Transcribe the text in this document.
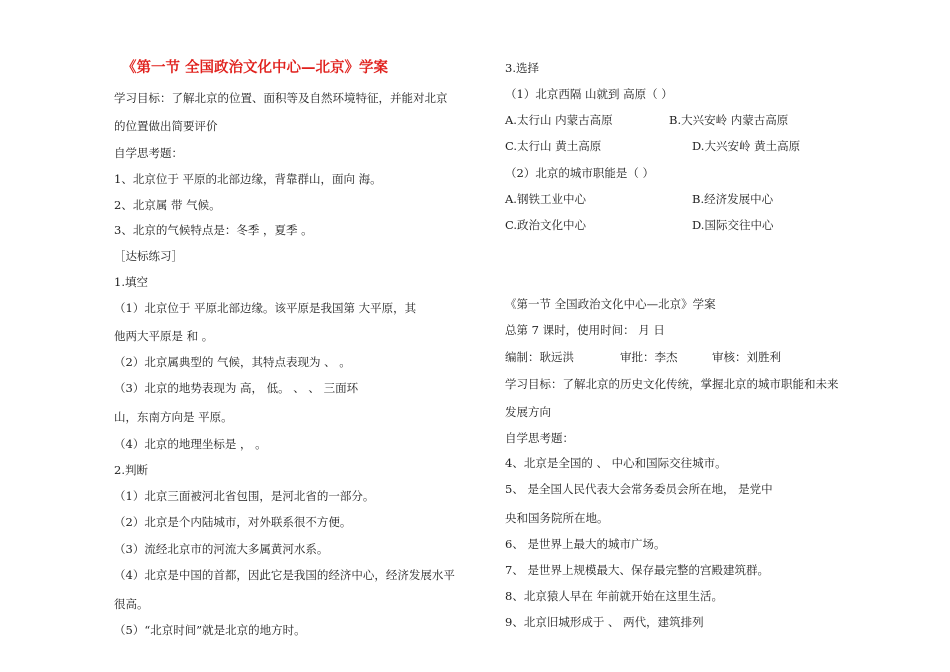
《第一节 全国政治文化中心—北京》学案
学习目标：了解北京的位置、面积等及自然环境特征，并能对北京
的位置做出简要评价
自学思考题：
1、北京位于 平原的北部边缘，背靠群山，面向 海。
2、北京属 带 气候。
3、北京的气候特点是：冬季 ，夏季 。
［达标练习］
1.填空
（1）北京位于 平原北部边缘。该平原是我国第 大平原，其
他两大平原是 和 。
（2）北京属典型的 气候，其特点表现为 、 。
（3）北京的地势表现为 高， 低。 、 、 三面环
山，东南方向是 平原。
（4）北京的地理坐标是 ， 。
2.判断
（1）北京三面被河北省包围，是河北省的一部分。
（2）北京是个内陆城市，对外联系很不方便。
（3）流经北京市的河流大多属黄河水系。
（4）北京是中国的首都，因此它是我国的经济中心，经济发展水平
很高。
（5）“北京时间”就是北京的地方时。
3.选择
（1）北京西隔 山就到 高原（ ）
A.太行山 内蒙古高原	B.大兴安岭 内蒙古高原
C.太行山 黄土高原	D.大兴安岭 黄土高原
（2）北京的城市职能是（ ）
A.钢铁工业中心	B.经济发展中心
C.政治文化中心	D.国际交往中心
《第一节 全国政治文化中心—北京》学案
总第 7 课时，使用时间： 月 日
编制：耿远洪	审批：李杰	审核：刘胜利
学习目标：了解北京的历史文化传统，掌握北京的城市职能和未来
发展方向
自学思考题：
4、北京是全国的 、 中心和国际交往城市。
5、 是全国人民代表大会常务委员会所在地， 是党中
央和国务院所在地。
6、 是世界上最大的城市广场。
7、 是世界上规模最大、保存最完整的宫殿建筑群。
8、北京猿人早在 年前就开始在这里生活。
9、北京旧城形成于 、 两代，建筑排列
